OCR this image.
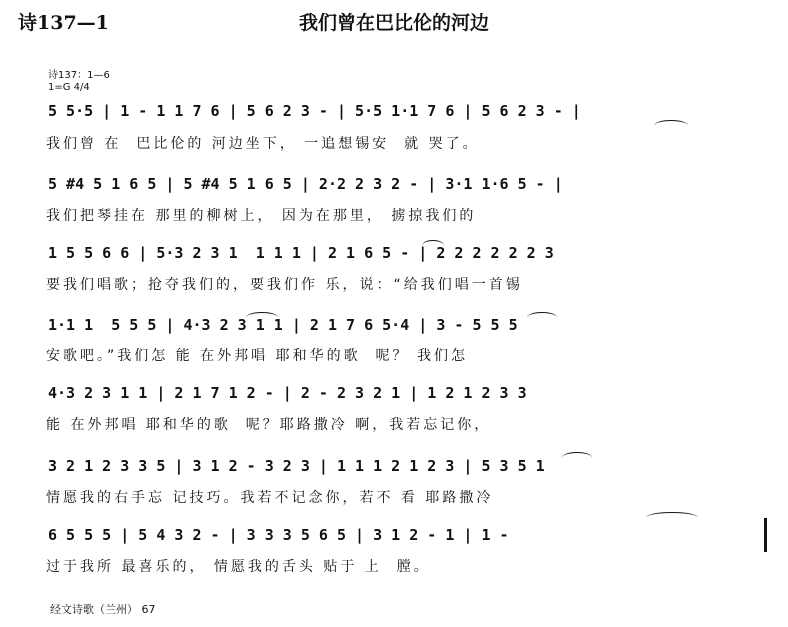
诗137—1	我们曾在巴比伦的河边
诗137：1—6
1=G 4/4
5 5·5 | 1 - 1 1 7 6 | 5 6 2 3 - | 5·5 1·1 7 6 | 5 6 2 3 - |
我们曾 在  巴比伦的 河边坐下， 一追想锡安  就 哭了。
5 #4 5 1 6 5 | 5 #4 5 1 6 5 | 2·2 2 3 2 - | 3·1 1·6 5 - |
我们把琴挂在 那里的柳树上， 因为在那里， 掳掠我们的
1 5 5 6 6 | 5·3 2 3 1  1 1 1 | 2 1 6 5 - | 2 2 2 2 2 2 3
要我们唱歌；抢夺我们的，要我们作 乐，说：“给我们唱一首锡
1·1 1  5 5 5 | 4·3 2 3 1 1 | 2 1 7 6 5·4 | 3 - 5 5 5
安歌吧。”我们怎 能 在外邦唱 耶和华的歌  呢？ 我们怎
4·3 2 3 1 1 | 2 1 7 1 2 - | 2 - 2 3 2 1 | 1 2 1 2 3 3
能 在外邦唱 耶和华的歌  呢？耶路撒冷 啊，我若忘记你，
3 2 1 2 3 3 5 | 3 1 2 - 3 2 3 | 1 1 1 2 1 2 3 | 5 3 5 1
情愿我的右手忘 记技巧。我若不记念你，若不 看 耶路撒冷
6 5 5 5 | 5 4 3 2 - | 3 3 3 5 6 5 | 3 1 2 - 1 | 1 -
过于我所 最喜乐的， 情愿我的舌头 贴于 上  膛。
经文诗歌（兰州） 67
